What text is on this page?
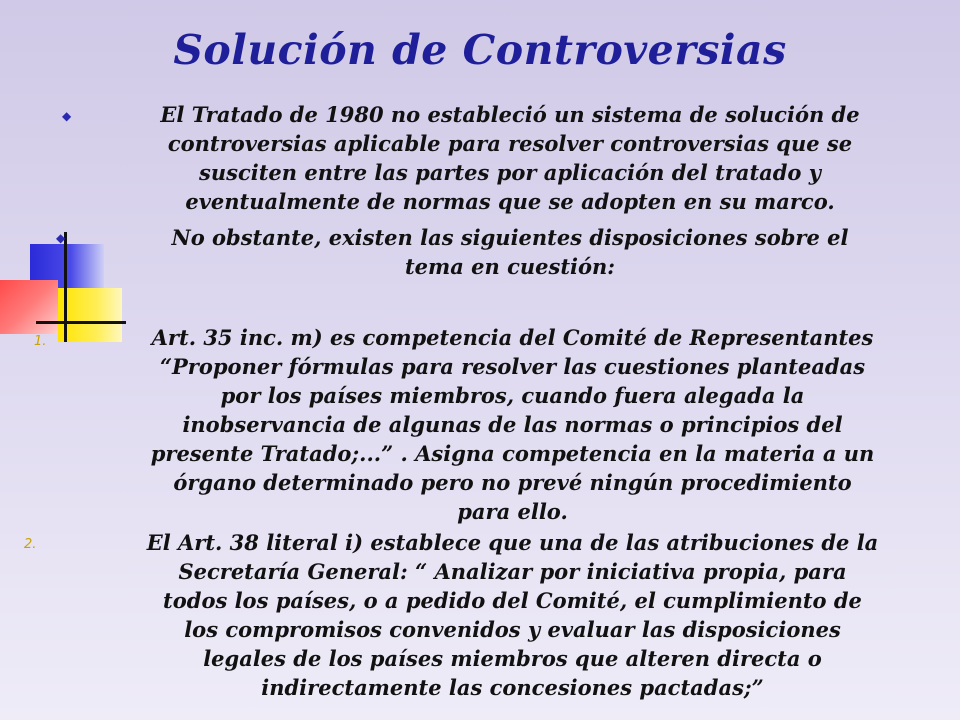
Solución de Controversias
◆	El Tratado de 1980 no estableció un sistema de solución de

controversias aplicable para resolver controversias que se

susciten entre las partes por aplicación del tratado y

eventualmente de normas que se adopten en su marco.

◆	No obstante, existen las siguientes disposiciones sobre el

tema en cuestión:

1.	Art. 35 inc. m) es competencia del Comité de Representantes

“Proponer fórmulas para resolver las cuestiones planteadas

por los países miembros, cuando fuera alegada la

inobservancia de algunas de las normas o principios del

presente Tratado;...” . Asigna competencia en la materia a un

órgano determinado pero no prevé ningún procedimiento

para ello.

2.	El Art. 38 literal i) establece que una de las atribuciones de la

Secretaría General: “ Analizar por iniciativa propia, para

todos los países, o a pedido del Comité, el cumplimiento de

los compromisos convenidos y evaluar las disposiciones

legales de los países miembros que alteren directa o

indirectamente las concesiones pactadas;”
